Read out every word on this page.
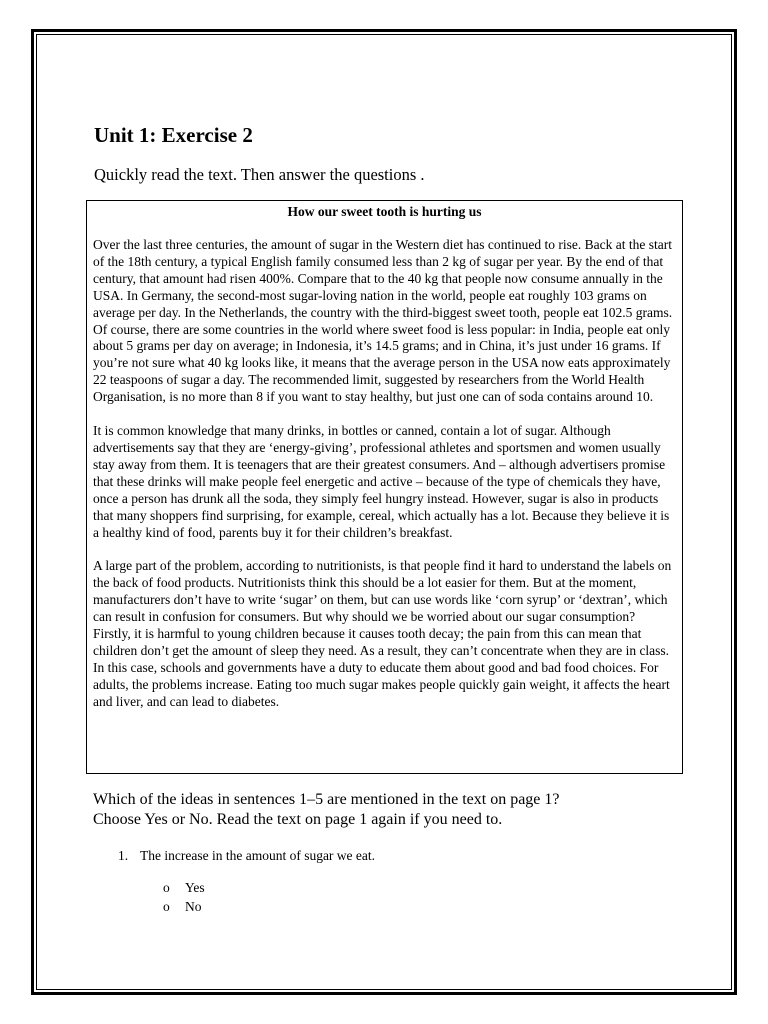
Unit 1: Exercise 2

Quickly read the text. Then answer the questions .

How our sweet tooth is hurting us

Over the last three centuries, the amount of sugar in the Western diet has continued to rise. Back at the start of the 18th century, a typical English family consumed less than 2 kg of sugar per year. By the end of that century, that amount had risen 400%. Compare that to the 40 kg that people now consume annually in the USA. In Germany, the second-most sugar-loving nation in the world, people eat roughly 103 grams on average per day. In the Netherlands, the country with the third-biggest sweet tooth, people eat 102.5 grams. Of course, there are some countries in the world where sweet food is less popular: in India, people eat only about 5 grams per day on average; in Indonesia, it’s 14.5 grams; and in China, it’s just under 16 grams. If you’re not sure what 40 kg looks like, it means that the average person in the USA now eats approximately 22 teaspoons of sugar a day. The recommended limit, suggested by researchers from the World Health Organisation, is no more than 8 if you want to stay healthy, but just one can of soda contains around 10.

It is common knowledge that many drinks, in bottles or canned, contain a lot of sugar. Although advertisements say that they are ‘energy-giving’, professional athletes and sportsmen and women usually stay away from them. It is teenagers that are their greatest consumers. And – although advertisers promise that these drinks will make people feel energetic and active – because of the type of chemicals they have, once a person has drunk all the soda, they simply feel hungry instead. However, sugar is also in products that many shoppers find surprising, for example, cereal, which actually has a lot. Because they believe it is a healthy kind of food, parents buy it for their children’s breakfast.

A large part of the problem, according to nutritionists, is that people find it hard to understand the labels on the back of food products. Nutritionists think this should be a lot easier for them. But at the moment, manufacturers don’t have to write ‘sugar’ on them, but can use words like ‘corn syrup’ or ‘dextran’, which can result in confusion for consumers. But why should we be worried about our sugar consumption? Firstly, it is harmful to young children because it causes tooth decay; the pain from this can mean that children don’t get the amount of sleep they need. As a result, they can’t concentrate when they are in class. In this case, schools and governments have a duty to educate them about good and bad food choices. For adults, the problems increase. Eating too much sugar makes people quickly gain weight, it affects the heart and liver, and can lead to diabetes.

Which of the ideas in sentences 1–5 are mentioned in the text on page 1?
Choose Yes or No. Read the text on page 1 again if you need to.
1. The increase in the amount of sugar we eat.
o Yes
o No
